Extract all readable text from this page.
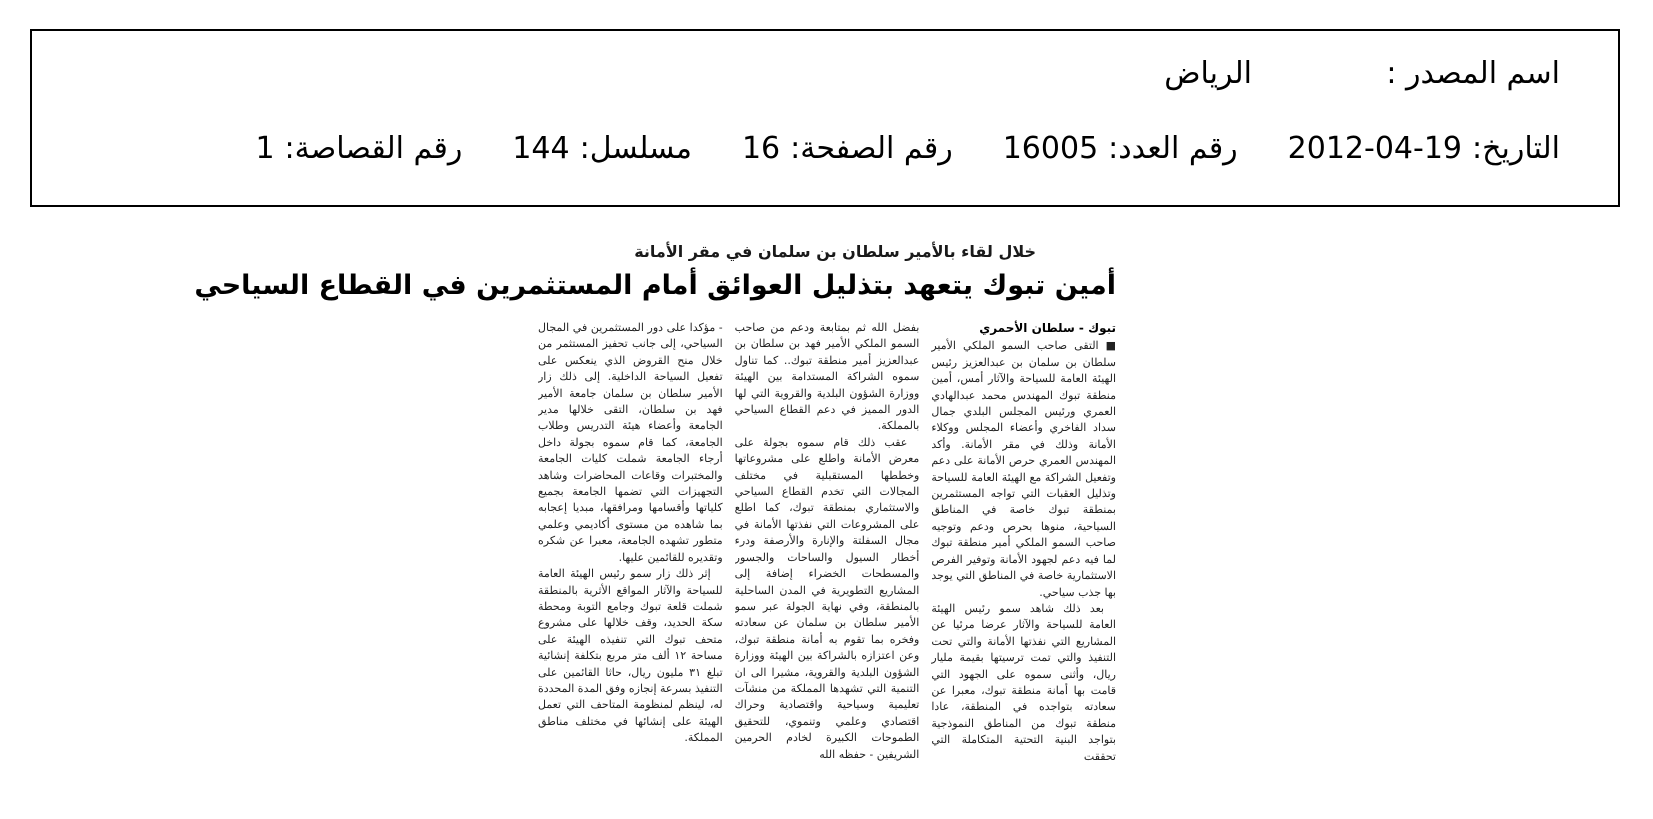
اسم المصدر :
الرياض
التاريخ:
2012-04-19
رقم العدد:
16005
رقم الصفحة:
16
مسلسل:
144
رقم القصاصة:
1
خلال لقاء بالأمير سلطان بن سلمان في مقر الأمانة
أمين تبوك يتعهد بتذليل العوائق أمام المستثمرين في القطاع السياحي
تبوك - سلطان الأحمري

■ التقى صاحب السمو الملكي الأمير سلطان بن سلمان بن عبدالعزيز رئيس الهيئة العامة للسياحة والآثار أمس، أمين منطقة تبوك المهندس محمد عبدالهادي العمري ورئيس المجلس البلدي جمال سداد الفاخري وأعضاء المجلس ووكلاء الأمانة وذلك في مقر الأمانة. وأكد المهندس العمري حرص الأمانة على دعم وتفعيل الشراكة مع الهيئة العامة للسياحة وتذليل العقبات التي تواجه المستثمرين بمنطقة تبوك خاصة في المناطق السياحية، منوها بحرص ودعم وتوجيه صاحب السمو الملكي أمير منطقة تبوك لما فيه دعم لجهود الأمانة وتوفير الفرص الاستثمارية خاصة في المناطق التي يوجد بها جذب سياحي.

بعد ذلك شاهد سمو رئيس الهيئة العامة للسياحة والآثار عرضا مرئيا عن المشاريع التي نفذتها الأمانة والتي تحت التنفيذ والتي تمت ترسيتها بقيمة مليار ريال، وأثنى سموه على الجهود التي قامت بها أمانة منطقة تبوك، معبرا عن سعادته بتواجده في المنطقة، عادا منطقة تبوك من المناطق النموذجية بتواجد البنية التحتية المتكاملة التي تحققت

بفضل الله ثم بمتابعة ودعم من صاحب السمو الملكي الأمير فهد بن سلطان بن عبدالعزيز أمير منطقة تبوك.. كما تناول سموه الشراكة المستدامة بين الهيئة ووزارة الشؤون البلدية والقروية التي لها الدور المميز في دعم القطاع السياحي بالمملكة.

عقب ذلك قام سموه بجولة على معرض الأمانة واطلع على مشروعاتها وخططها المستقبلية في مختلف المجالات التي تخدم القطاع السياحي والاستثماري بمنطقة تبوك، كما اطلع على المشروعات التي نفذتها الأمانة في مجال السفلتة والإنارة والأرصفة ودرء أخطار السيول والساحات والجسور والمسطحات الخضراء إضافة إلى المشاريع التطويرية في المدن الساحلية بالمنطقة، وفي نهاية الجولة عبر سمو الأمير سلطان بن سلمان عن سعادته وفخره بما تقوم به أمانة منطقة تبوك، وعن اعتزازه بالشراكة بين الهيئة ووزارة الشؤون البلدية والقروية، مشيرا الى ان التنمية التي تشهدها المملكة من منشآت تعليمية وسياحية واقتصادية وحراك اقتصادي وعلمي وتنموي، للتحقيق الطموحات الكبيرة لخادم الحرمين الشريفين - حفظه الله

- مؤكدا على دور المستثمرين في المجال السياحي، إلى جانب تحفيز المستثمر من خلال منح القروض الذي ينعكس على تفعيل السياحة الداخلية. إلى ذلك زار الأمير سلطان بن سلمان جامعة الأمير فهد بن سلطان، التقى خلالها مدير الجامعة وأعضاء هيئة التدريس وطلاب الجامعة، كما قام سموه بجولة داخل أرجاء الجامعة شملت كليات الجامعة والمختبرات وقاعات المحاضرات وشاهد التجهيزات التي تضمها الجامعة بجميع كلياتها وأقسامها ومرافقها، مبديا إعجابه بما شاهده من مستوى أكاديمي وعلمي متطور تشهده الجامعة، معبرا عن شكره وتقديره للقائمين عليها.

إثر ذلك زار سمو رئيس الهيئة العامة للسياحة والآثار المواقع الأثرية بالمنطقة شملت قلعة تبوك وجامع التوبة ومحطة سكة الحديد، وقف خلالها على مشروع متحف تبوك التي تنفيذه الهيئة على مساحة ١٢ ألف متر مربع بتكلفة إنشائية تبلغ ٣١ مليون ريال، حاثا القائمين على التنفيذ بسرعة إنجازه وفق المدة المحددة له، لينظم لمنظومة المتاحف التي تعمل الهيئة على إنشائها في مختلف مناطق المملكة.
